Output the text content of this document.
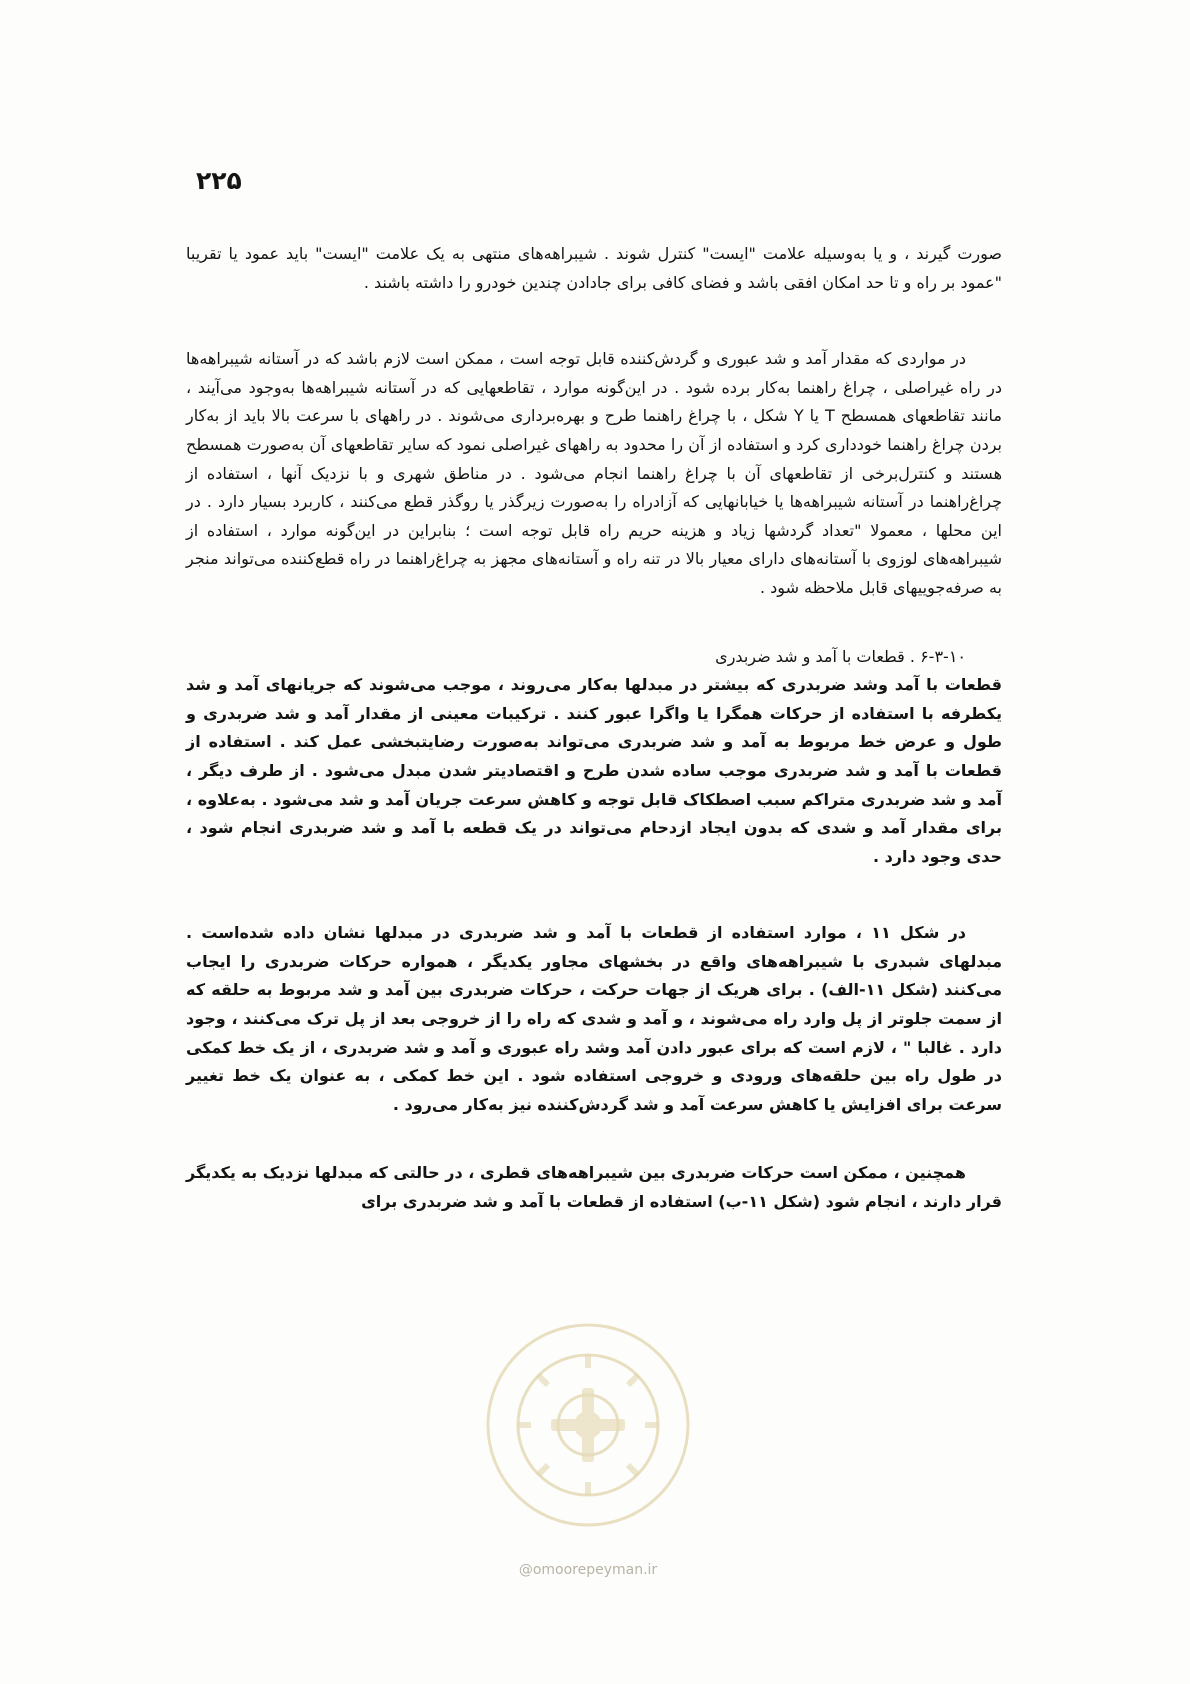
۲۲۵

صورت گیرند ، و یا به‌وسیله علامت "ایست" کنترل شوند . شیبراهه‌های منتهی به یک علامت "ایست" باید عمود یا تقریبا "عمود بر راه و تا حد امکان افقی باشد و فضای کافی برای جادادن چندین خودرو را داشته باشند .

در مواردی که مقدار آمد و شد عبوری و گردش‌کننده قابل توجه است ، ممکن است لازم باشد که در آستانه شیبراهه‌ها در راه غیراصلی ، چراغ راهنما به‌کار برده شود . در این‌گونه موارد ، تقاطعهایی که در آستانه شیبراهه‌ها به‌وجود می‌آیند ، مانند تقاطعهای همسطح T یا Y شکل ، با چراغ راهنما طرح و بهره‌برداری می‌شوند . در راههای با سرعت بالا باید از به‌کار بردن چراغ راهنما خودداری کرد و استفاده از آن را محدود به راههای غیراصلی نمود که سایر تقاطعهای آن به‌صورت همسطح هستند و کنترل‌برخی از تقاطعهای آن با چراغ راهنما انجام می‌شود . در مناطق شهری و با نزدیک آنها ، استفاده از چراغ‌راهنما در آستانه شیبراهه‌ها یا خیابانهایی که آزادراه را به‌صورت زیرگذر یا روگذر قطع می‌کنند ، کاربرد بسیار دارد . در این محلها ، معمولا "تعداد گردشها زیاد و هزینه حریم راه قابل توجه است ؛ بنابراین در این‌گونه موارد ، استفاده از شیبراهه‌های لوزوی با آستانه‌های دارای معیار بالا در تنه راه و آستانه‌های مجهز به چراغ‌راهنما در راه قطع‌کننده می‌تواند منجر به صرفه‌جوییهای قابل ملاحظه شود .

۶-۳-۱۰ . قطعات با آمد و شد ضربدری

قطعات با آمد وشد ضربدری که بیشتر در مبدلها به‌کار می‌روند ، موجب می‌شوند که جریانهای آمد و شد یکطرفه با استفاده از حرکات همگرا یا واگرا عبور کنند . ترکیبات معینی از مقدار آمد و شد ضربدری و طول و عرض خط مربوط به آمد و شد ضربدری می‌تواند به‌صورت رضایتبخشی عمل کند . استفاده از قطعات با آمد و شد ضربدری موجب ساده شدن طرح و اقتصادیتر شدن مبدل می‌شود . از طرف دیگر ، آمد و شد ضربدری متراکم سبب اصطکاک قابل توجه و کاهش سرعت جریان آمد و شد می‌شود . به‌علاوه ، برای مقدار آمد و شدی که بدون ایجاد ازدحام می‌تواند در یک قطعه با آمد و شد ضربدری انجام شود ، حدی وجود دارد .

در شکل ۱۱ ، موارد استفاده از قطعات با آمد و شد ضربدری در مبدلها نشان داده شده‌است . مبدلهای شبدری با شیبراهه‌های واقع در بخشهای مجاور یکدیگر ، همواره حرکات ضربدری را ایجاب می‌کنند (شکل ۱۱-الف) . برای هریک از جهات حرکت ، حرکات ضربدری بین آمد و شد مربوط به حلقه که از سمت جلوتر از پل وارد راه می‌شوند ، و آمد و شدی که راه را از خروجی بعد از پل ترک می‌کنند ، وجود دارد . غالبا " ، لازم است که برای عبور دادن آمد وشد راه عبوری و آمد و شد ضربدری ، از یک خط کمکی در طول راه بین حلقه‌های ورودی و خروجی استفاده شود . این خط کمکی ، به عنوان یک خط تغییر سرعت برای افزایش یا کاهش سرعت آمد و شد گردش‌کننده نیز به‌کار می‌رود .

همچنین ، ممکن است حرکات ضربدری بین شیبراهه‌های قطری ، در حالتی که مبدلها نزدیک به یکدیگر قرار دارند ، انجام شود (شکل ۱۱-ب) استفاده از قطعات با آمد و شد ضربدری برای

@omoorepeyman.ir
